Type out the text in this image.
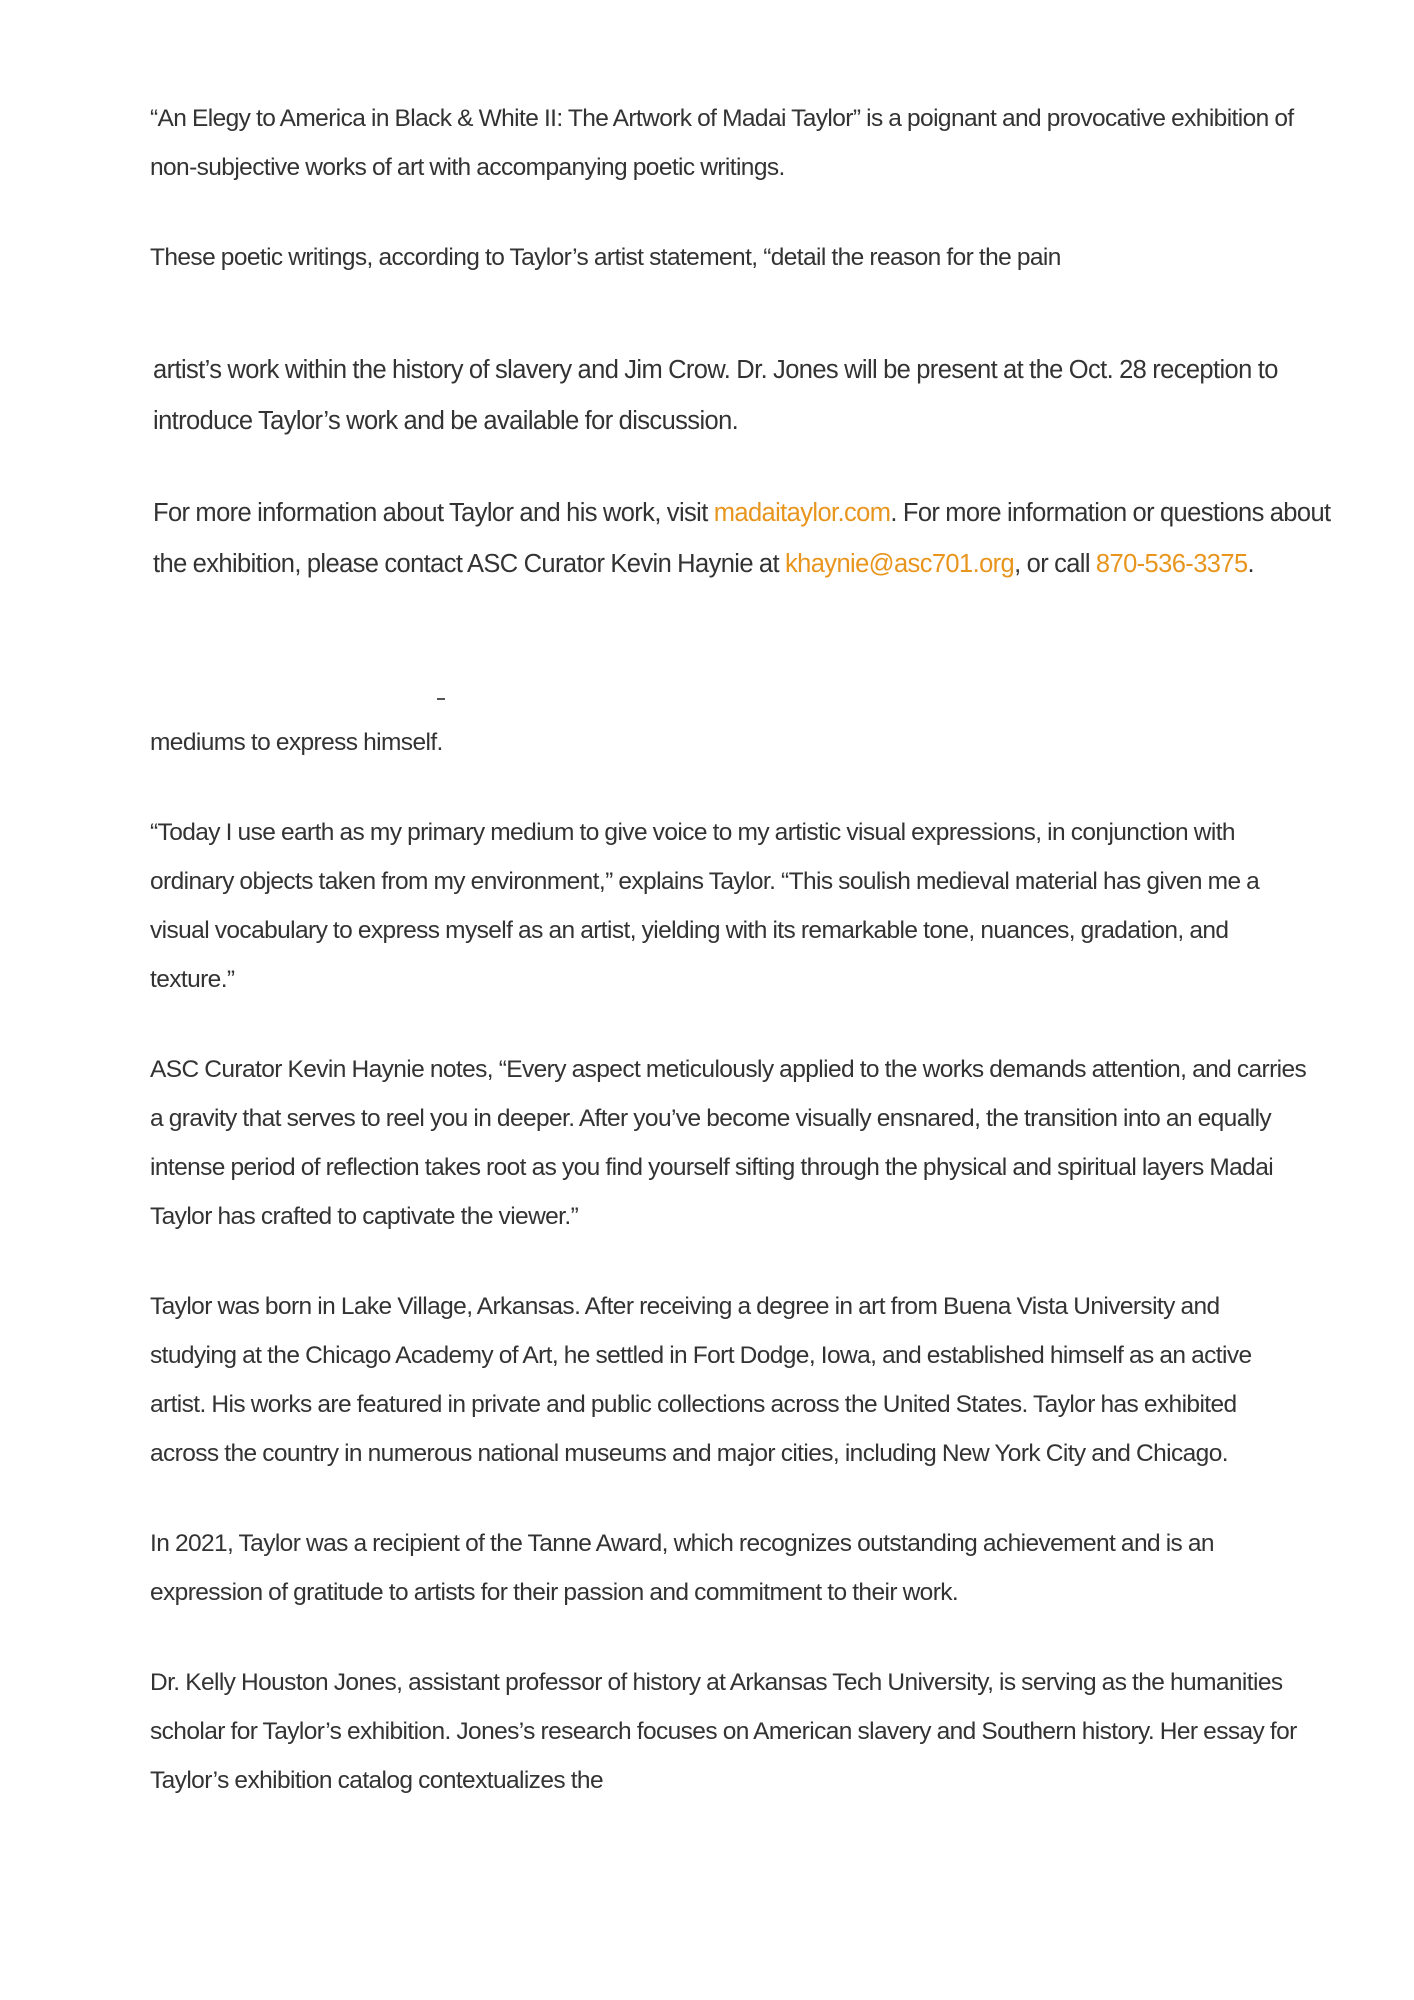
“An Elegy to America in Black & White II: The Artwork of Madai Taylor” is a poignant and provocative exhibition of non-subjective works of art with accompanying poetic writings.

These poetic writings, according to Taylor’s artist statement, “detail the reason for the pain

artist’s work within the history of slavery and Jim Crow. Dr. Jones will be present at the Oct. 28 reception to introduce Taylor’s work and be available for discussion.

For more information about Taylor and his work, visit madaitaylor.com. For more information or questions about the exhibition, please contact ASC Curator Kevin Haynie at khaynie@asc701.org, or call 870-536-3375.

mediums to express himself.

“Today I use earth as my primary medium to give voice to my artistic visual expressions, in conjunction with ordinary objects taken from my environment,” explains Taylor. “This soulish medieval material has given me a visual vocabulary to express myself as an artist, yielding with its remarkable tone, nuances, gradation, and texture.”

ASC Curator Kevin Haynie notes, “Every aspect meticulously applied to the works demands attention, and carries a gravity that serves to reel you in deeper. After you’ve become visually ensnared, the transition into an equally intense period of reflection takes root as you find yourself sifting through the physical and spiritual layers Madai Taylor has crafted to captivate the viewer.”

Taylor was born in Lake Village, Arkansas. After receiving a degree in art from Buena Vista University and studying at the Chicago Academy of Art, he settled in Fort Dodge, Iowa, and established himself as an active artist. His works are featured in private and public collections across the United States. Taylor has exhibited across the country in numerous national museums and major cities, including New York City and Chicago.

In 2021, Taylor was a recipient of the Tanne Award, which recognizes outstanding achievement and is an expression of gratitude to artists for their passion and commitment to their work.

Dr. Kelly Houston Jones, assistant professor of history at Arkansas Tech University, is serving as the humanities scholar for Taylor’s exhibition. Jones’s research focuses on American slavery and Southern history. Her essay for Taylor’s exhibition catalog contextualizes the
